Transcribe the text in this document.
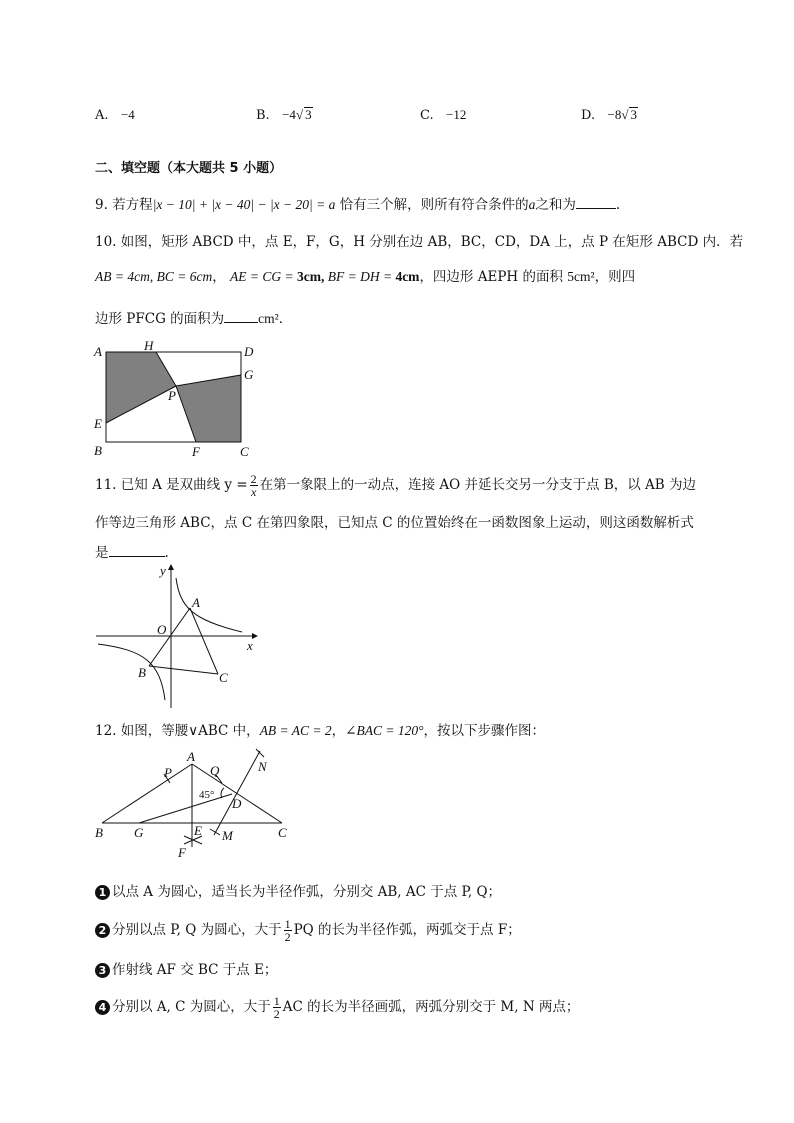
A. −4	B. −4√ 3	C. −12	D. −8√ 3
二、填空题（本大题共 5 小题）
9. 若方程|x − 10| + |x − 40| − |x − 20| = a 恰有三个解，则所有符合条件的a之和为	.
10. 如图，矩形 ABCD 中，点 E，F，G，H 分别在边 AB，BC，CD，DA 上，点 P 在矩形 ABCD 内．若
AB = 4cm, BC = 6cm， AE = CG = 3cm, BF = DH = 4cm，四边形 AEPH 的面积 5cm²，则四
边形 PFCG 的面积为	cm²．
A	H	D
G
P
E
B	F	C
11. 已知 A 是双曲线 $y = \frac{2}{x}$ 在第一象限上的一动点，连接 AO 并延长交另一分支于点 B，以 AB 为边
作等边三角形 ABC，点 C 在第四象限，已知点 C 的位置始终在一函数图象上运动，则这函数解析式
是	.
y
x
O
A
B	C
12. 如图，等腰∨ABC 中，AB = AC = 2，∠BAC = 120°，按以下步骤作图：
A
P	Q	N
45°
D
B G	E M	C
F
1 以点 A 为圆心，适当长为半径作弧，分别交 AB, AC 于点 P, Q；
2 分别以点 P, Q 为圆心，大于 $\frac{1}{2}$ PQ 的长为半径作弧，两弧交于点 F；
3 作射线 AF 交 BC 于点 E；
4 分别以 A, C 为圆心，大于 $\frac{1}{2}$ AC 的长为半径画弧，两弧分别交于 M, N 两点；
